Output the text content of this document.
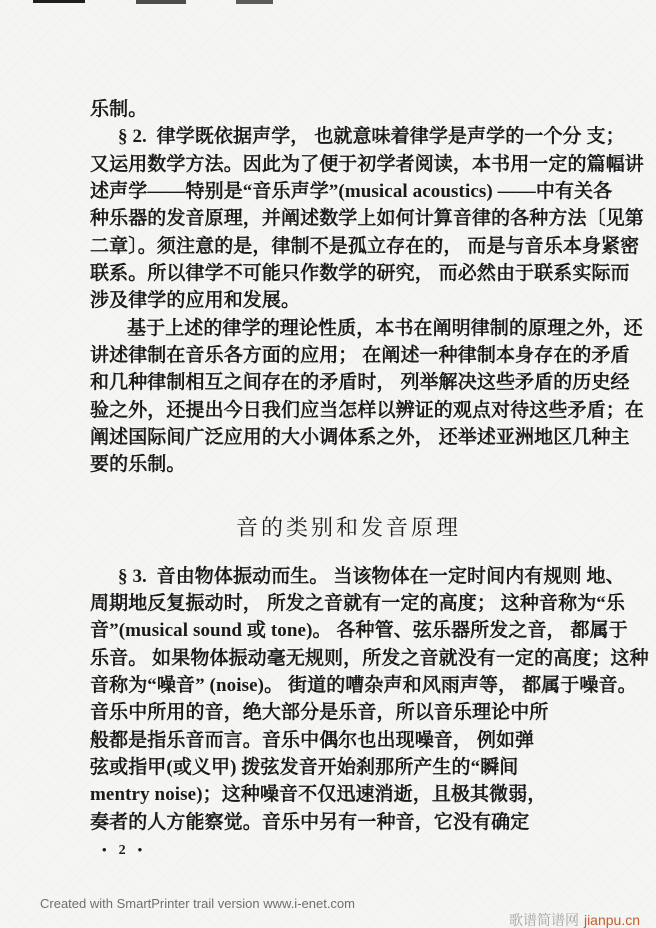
乐制。
§ 2.  律学既依据声学， 也就意味着律学是声学的一个分 支；
又运用数学方法。因此为了便于初学者阅读，本书用一定的篇幅讲
述声学——特别是“音乐声学”(musical acoustics) ——中有关各
种乐器的发音原理，并阐述数学上如何计算音律的各种方法〔见第
二章〕。须注意的是，律制不是孤立存在的， 而是与音乐本身紧密
联系。所以律学不可能只作数学的研究， 而必然由于联系实际而
涉及律学的应用和发展。
基于上述的律学的理论性质，本书在阐明律制的原理之外，还
讲述律制在音乐各方面的应用； 在阐述一种律制本身存在的矛盾
和几种律制相互之间存在的矛盾时， 列举解决这些矛盾的历史经
验之外，还提出今日我们应当怎样以辨证的观点对待这些矛盾；在
阐述国际间广泛应用的大小调体系之外， 还举述亚洲地区几种主
要的乐制。
音的类别和发音原理
§ 3.  音由物体振动而生。 当该物体在一定时间内有规则 地、
周期地反复振动时， 所发之音就有一定的高度； 这种音称为“乐
音”(musical sound 或 tone)。 各种管、弦乐器所发之音， 都属于
乐音。 如果物体振动毫无规则，所发之音就没有一定的高度；这种
音称为“噪音” (noise)。 街道的嘈杂声和风雨声等， 都属于噪音。
音乐中所用的音，绝大部分是乐音，所以音乐理论中所
般都是指乐音而言。音乐中偶尔也出现噪音， 例如弹
弦或指甲(或义甲) 拨弦发音开始刹那所产生的“瞬间
mentry noise)；这种噪音不仅迅速消逝，且极其微弱，
奏者的人方能察觉。音乐中另有一种音，它没有确定
• 2 •
Created with SmartPrinter trail version www.i-enet.com

歌谱简谱网 jianpu.cn
